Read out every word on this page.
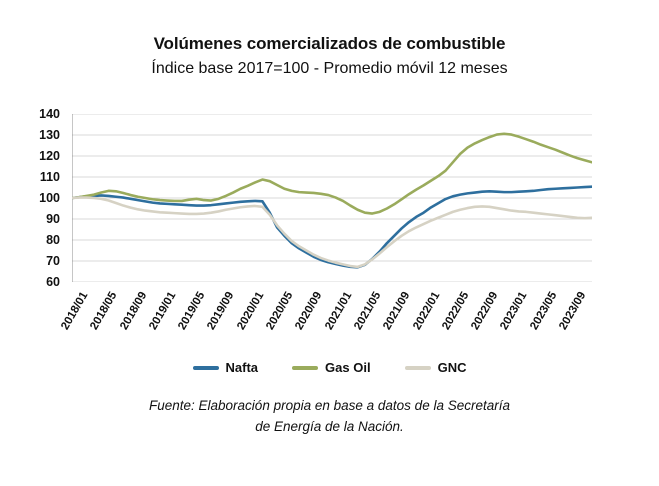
Volúmenes comercializados de combustible
Índice base 2017=100 - Promedio móvil 12 meses
60
70
80
90
100
110
120
130
140
2018/01
2018/05
2018/09
2019/01
2019/05
2019/09
2020/01
2020/05
2020/09
2021/01
2021/05
2021/09
2022/01
2022/05
2022/09
2023/01
2023/05
2023/09
Nafta	Gas Oil	GNC
Fuente: Elaboración propia en base a datos de la Secretaría
de Energía de la Nación.
